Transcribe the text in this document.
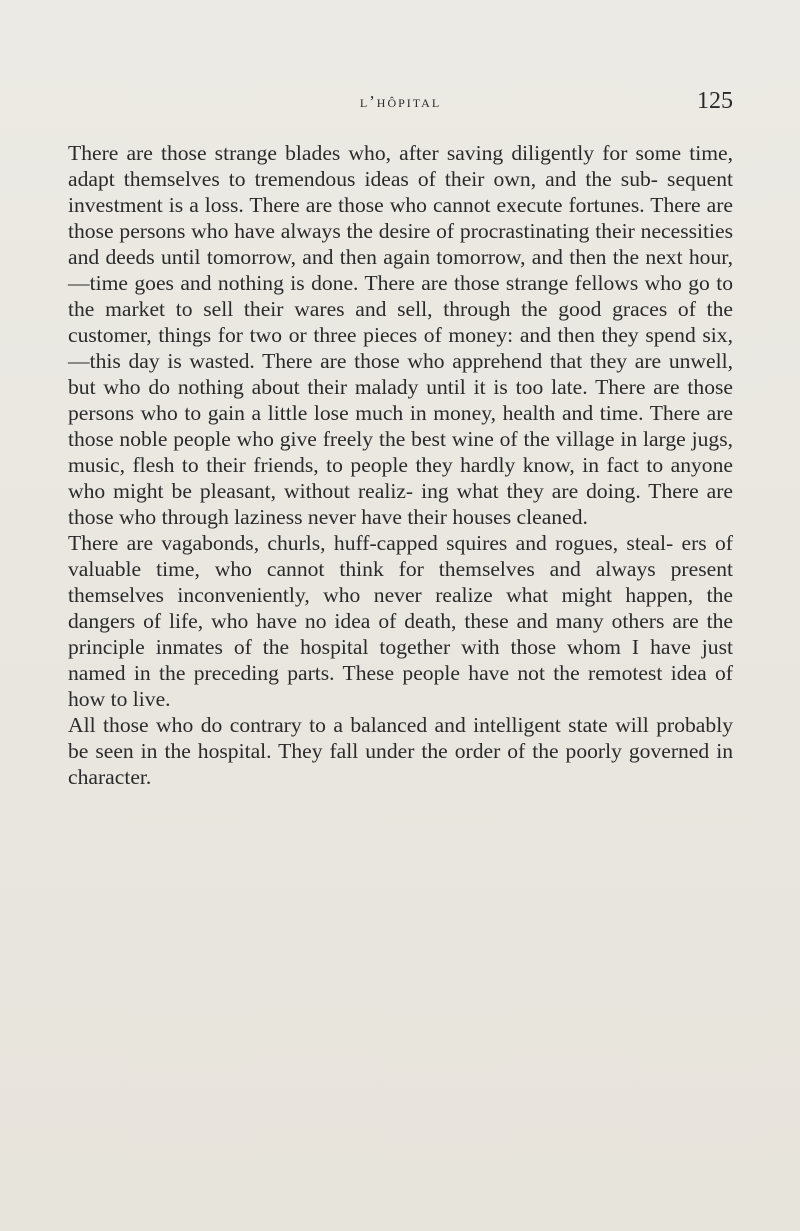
l’hôpital	125

There are those strange blades who, after saving diligently for some time, adapt themselves to tremendous ideas of their own, and the sub- sequent investment is a loss. There are those who cannot execute fortunes. There are those persons who have always the desire of procrastinating their necessities and deeds until tomorrow, and then again tomorrow, and then the next hour,—time goes and nothing is done. There are those strange fellows who go to the market to sell their wares and sell, through the good graces of the customer, things for two or three pieces of money: and then they spend six,—this day is wasted. There are those who apprehend that they are unwell, but who do nothing about their malady until it is too late. There are those persons who to gain a little lose much in money, health and time. There are those noble people who give freely the best wine of the village in large jugs, music, flesh to their friends, to people they hardly know, in fact to anyone who might be pleasant, without realiz- ing what they are doing. There are those who through laziness never have their houses cleaned.

There are vagabonds, churls, huff-capped squires and rogues, steal- ers of valuable time, who cannot think for themselves and always present themselves inconveniently, who never realize what might happen, the dangers of life, who have no idea of death, these and many others are the principle inmates of the hospital together with those whom I have just named in the preceding parts. These people have not the remotest idea of how to live.

All those who do contrary to a balanced and intelligent state will probably be seen in the hospital. They fall under the order of the poorly governed in character.
